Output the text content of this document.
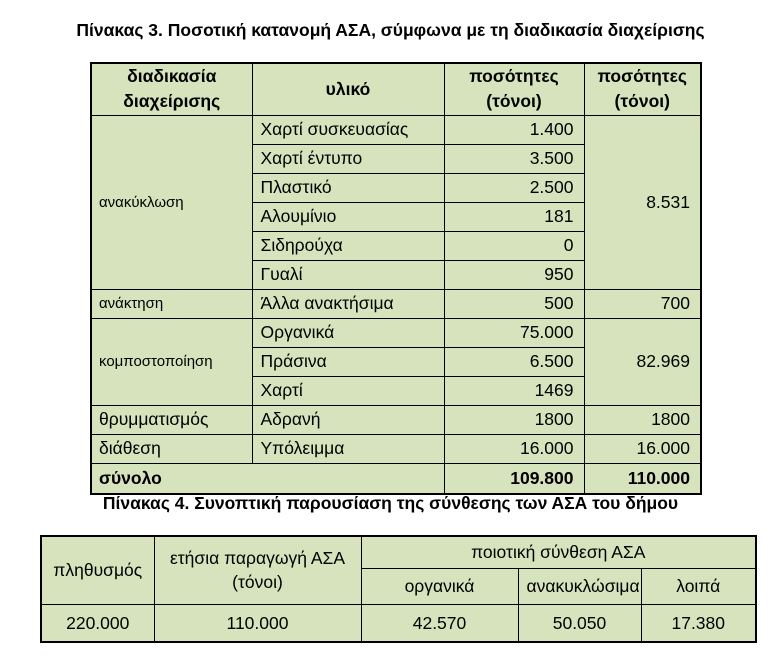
Πίνακας 3. Ποσοτική κατανομή ΑΣΑ, σύμφωνα με τη διαδικασία διαχείρισης
διαδικασία διαχείρισης	υλικό	ποσότητες (τόνοι)	ποσότητες (τόνοι)
ανακύκλωση	Χαρτί συσκευασίας	1.400	8.531
	Χαρτί έντυπο	3.500	
	Πλαστικό	2.500	
	Αλουμίνιο	181	
	Σιδηρούχα	0	
	Γυαλί	950	
ανάκτηση	Άλλα ανακτήσιμα	500	700
κομποστοποίηση	Οργανικά	75.000	82.969
	Πράσινα	6.500	
	Χαρτί	1469	
θρυμματισμός	Αδρανή	1800	1800
διάθεση	Υπόλειμμα	16.000	16.000
σύνολο		109.800	110.000
Πίνακας 4. Συνοπτική παρουσίαση της σύνθεσης των ΑΣΑ του δήμου
πληθυσμός	ετήσια παραγωγή ΑΣΑ (τόνοι)	ποιοτική σύνθεση ΑΣΑ		
		οργανικά	ανακυκλώσιμα	λοιπά
220.000	110.000	42.570	50.050	17.380
